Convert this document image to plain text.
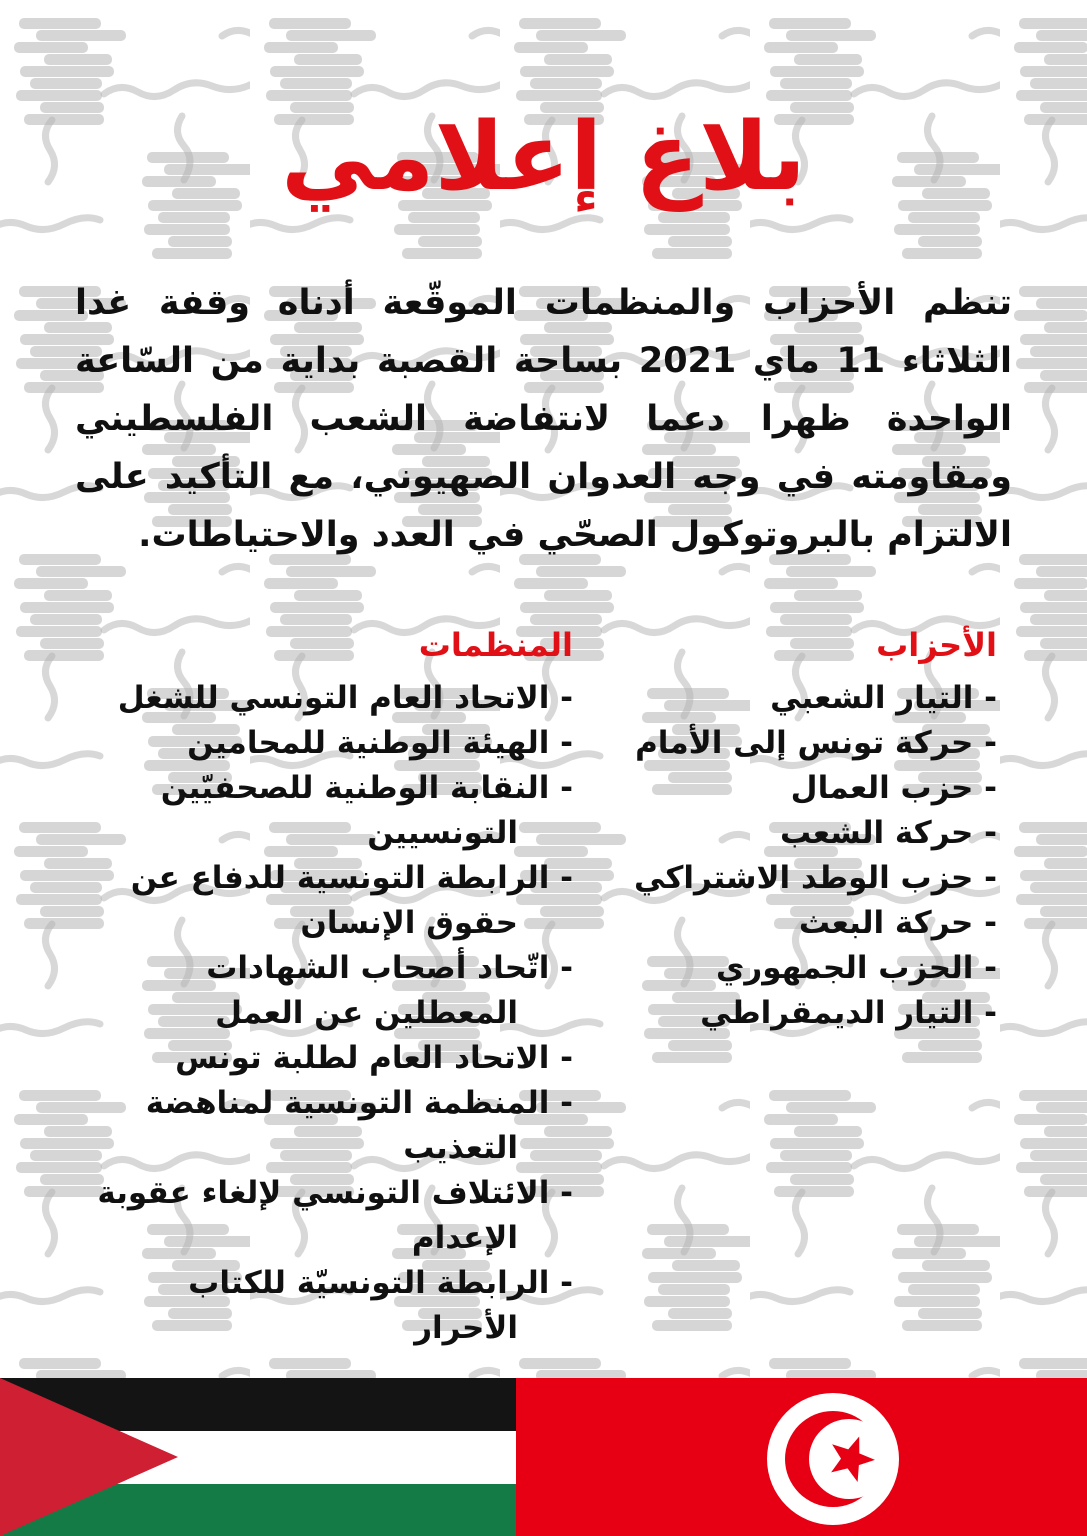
بلاغ إعلامي

تنظم الأحزاب والمنظمات الموقّعة أدناه وقفة غدا الثلاثاء 11 ماي 2021 بساحة القصبة بداية من السّاعة الواحدة ظهرا دعما لانتفاضة الشعب الفلسطيني ومقاومته في وجه العدوان الصهيوني، مع التأكيد على الالتزام بالبروتوكول الصحّي في العدد والاحتياطات.

الأحزاب
- التيار الشعبي
- حركة تونس إلى الأمام
- حزب العمال
- حركة الشعب
- حزب الوطد الاشتراكي
- حركة البعث
- الحزب الجمهوري
- التيار الديمقراطي
المنظمات
- الاتحاد العام التونسي للشغل
- الهيئة الوطنية للمحامين
- النقابة الوطنية للصحفيّين التونسيين
- الرابطة التونسية للدفاع عن حقوق الإنسان
- اتّحاد أصحاب الشهادات المعطلين عن العمل
- الاتحاد العام لطلبة تونس
- المنظمة التونسية لمناهضة التعذيب
- الائتلاف التونسي لإلغاء عقوبة الإعدام
- الرابطة التونسيّة للكتاب الأحرار
